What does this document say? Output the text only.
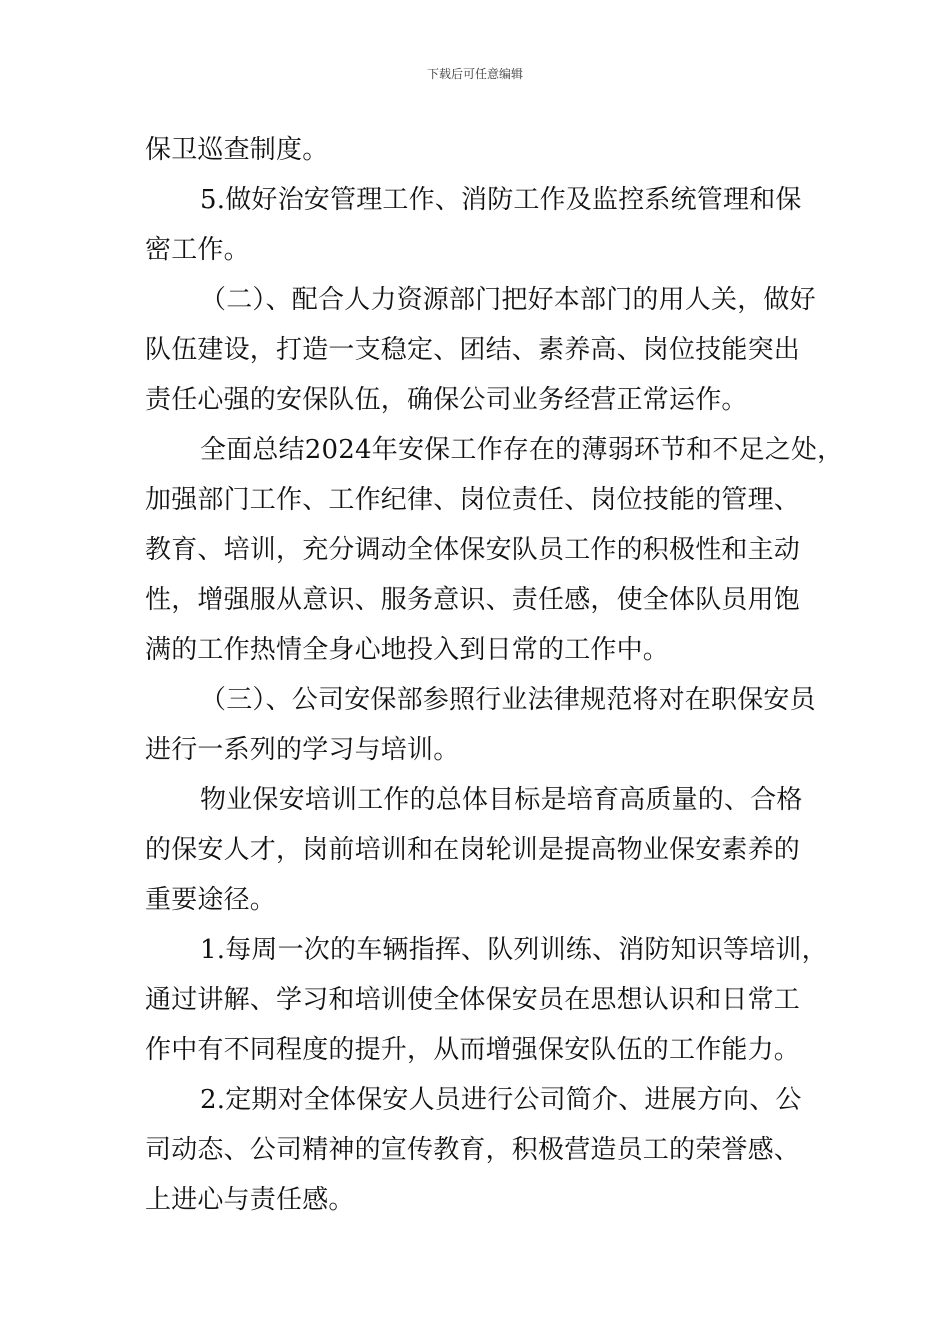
下载后可任意编辑
保卫巡查制度。
5.做好治安管理工作、消防工作及监控系统管理和保
密工作。
（二）、配合人力资源部门把好本部门的用人关，做好
队伍建设，打造一支稳定、团结、素养高、岗位技能突出
责任心强的安保队伍，确保公司业务经营正常运作。
全面总结2024年安保工作存在的薄弱环节和不足之处，
加强部门工作、工作纪律、岗位责任、岗位技能的管理、
教育、培训，充分调动全体保安队员工作的积极性和主动
性，增强服从意识、服务意识、责任感，使全体队员用饱
满的工作热情全身心地投入到日常的工作中。
（三）、公司安保部参照行业法律规范将对在职保安员
进行一系列的学习与培训。
物业保安培训工作的总体目标是培育高质量的、合格
的保安人才，岗前培训和在岗轮训是提高物业保安素养的
重要途径。
1.每周一次的车辆指挥、队列训练、消防知识等培训，
通过讲解、学习和培训使全体保安员在思想认识和日常工
作中有不同程度的提升，从而增强保安队伍的工作能力。
2.定期对全体保安人员进行公司简介、进展方向、公
司动态、公司精神的宣传教育，积极营造员工的荣誉感、
上进心与责任感。
